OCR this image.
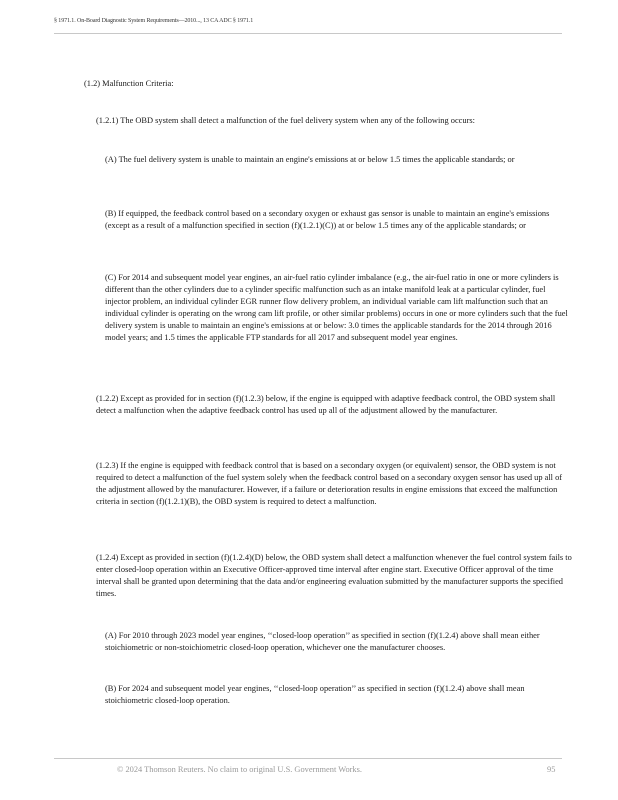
§ 1971.1. On-Board Diagnostic System Requirements—2010..., 13 CA ADC § 1971.1

(1.2) Malfunction Criteria:

(1.2.1) The OBD system shall detect a malfunction of the fuel delivery system when any of the following occurs:

(A) The fuel delivery system is unable to maintain an engine's emissions at or below 1.5 times the applicable standards; or

(B) If equipped, the feedback control based on a secondary oxygen or exhaust gas sensor is unable to maintain an engine's emissions (except as a result of a malfunction specified in section (f)(1.2.1)(C)) at or below 1.5 times any of the applicable standards; or

(C) For 2014 and subsequent model year engines, an air-fuel ratio cylinder imbalance (e.g., the air-fuel ratio in one or more cylinders is different than the other cylinders due to a cylinder specific malfunction such as an intake manifold leak at a particular cylinder, fuel injector problem, an individual cylinder EGR runner flow delivery problem, an individual variable cam lift malfunction such that an individual cylinder is operating on the wrong cam lift profile, or other similar problems) occurs in one or more cylinders such that the fuel delivery system is unable to maintain an engine's emissions at or below: 3.0 times the applicable standards for the 2014 through 2016 model years; and 1.5 times the applicable FTP standards for all 2017 and subsequent model year engines.

(1.2.2) Except as provided for in section (f)(1.2.3) below, if the engine is equipped with adaptive feedback control, the OBD system shall detect a malfunction when the adaptive feedback control has used up all of the adjustment allowed by the manufacturer.

(1.2.3) If the engine is equipped with feedback control that is based on a secondary oxygen (or equivalent) sensor, the OBD system is not required to detect a malfunction of the fuel system solely when the feedback control based on a secondary oxygen sensor has used up all of the adjustment allowed by the manufacturer. However, if a failure or deterioration results in engine emissions that exceed the malfunction criteria in section (f)(1.2.1)(B), the OBD system is required to detect a malfunction.

(1.2.4) Except as provided in section (f)(1.2.4)(D) below, the OBD system shall detect a malfunction whenever the fuel control system fails to enter closed-loop operation within an Executive Officer-approved time interval after engine start. Executive Officer approval of the time interval shall be granted upon determining that the data and/or engineering evaluation submitted by the manufacturer supports the specified times.

(A) For 2010 through 2023 model year engines, ‘‘closed-loop operation’’ as specified in section (f)(1.2.4) above shall mean either stoichiometric or non-stoichiometric closed-loop operation, whichever one the manufacturer chooses.

(B) For 2024 and subsequent model year engines, ‘‘closed-loop operation’’ as specified in section (f)(1.2.4) above shall mean stoichiometric closed-loop operation.

© 2024 Thomson Reuters. No claim to original U.S. Government Works.	95
